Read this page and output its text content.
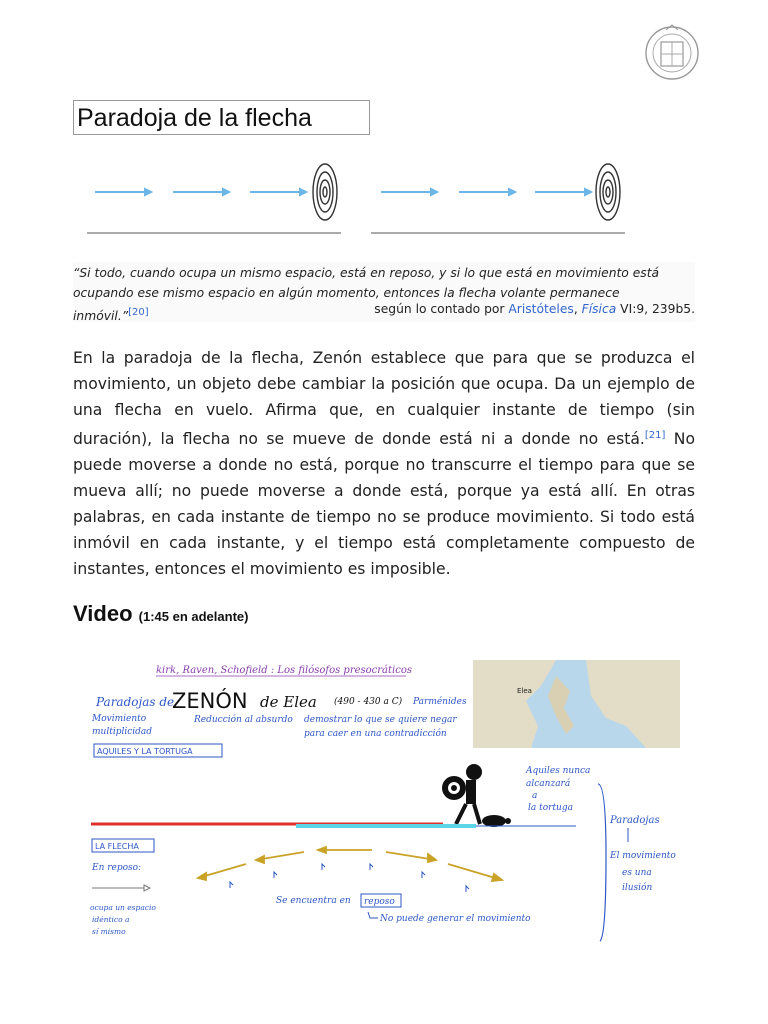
Paradoja de la flecha
“Si todo, cuando ocupa un mismo espacio, está en reposo, y si lo que está en movimiento está ocupando ese mismo espacio en algún momento, entonces la flecha volante permanece inmóvil.”[20]	según lo contado por Aristóteles, Física VI:9, 239b5.
En la paradoja de la flecha, Zenón establece que para que se produzca el movimiento, un objeto debe cambiar la posición que ocupa. Da un ejemplo de una flecha en vuelo. Afirma que, en cualquier instante de tiempo (sin duración), la flecha no se mueve de donde está ni a donde no está.[21] No puede moverse a donde no está, porque no transcurre el tiempo para que se mueva allí; no puede moverse a donde está, porque ya está allí. En otras palabras, en cada instante de tiempo no se produce movimiento. Si todo está inmóvil en cada instante, y el tiempo está completamente compuesto de instantes, entonces el movimiento es imposible.
Video (1:45 en adelante)
Elea
kirk, Raven, Schofield : Los filósofos presocráticos
Paradojas de
ZENÓN de Elea (490 - 430 a C) Parménides
Movimiento
multiplicidad
Reducción al absurdo demostrar lo que se quiere negar
para caer en una contradicción
AQUILES Y LA TORTUGA
Aquiles nunca
alcanzará
a
la tortuga
Paradojas
El movimiento
es una
ilusión
LA FLECHA
En reposo:
ocupa un espacio
idéntico a
sí mismo
Se encuentra en reposo
No puede generar el movimiento
